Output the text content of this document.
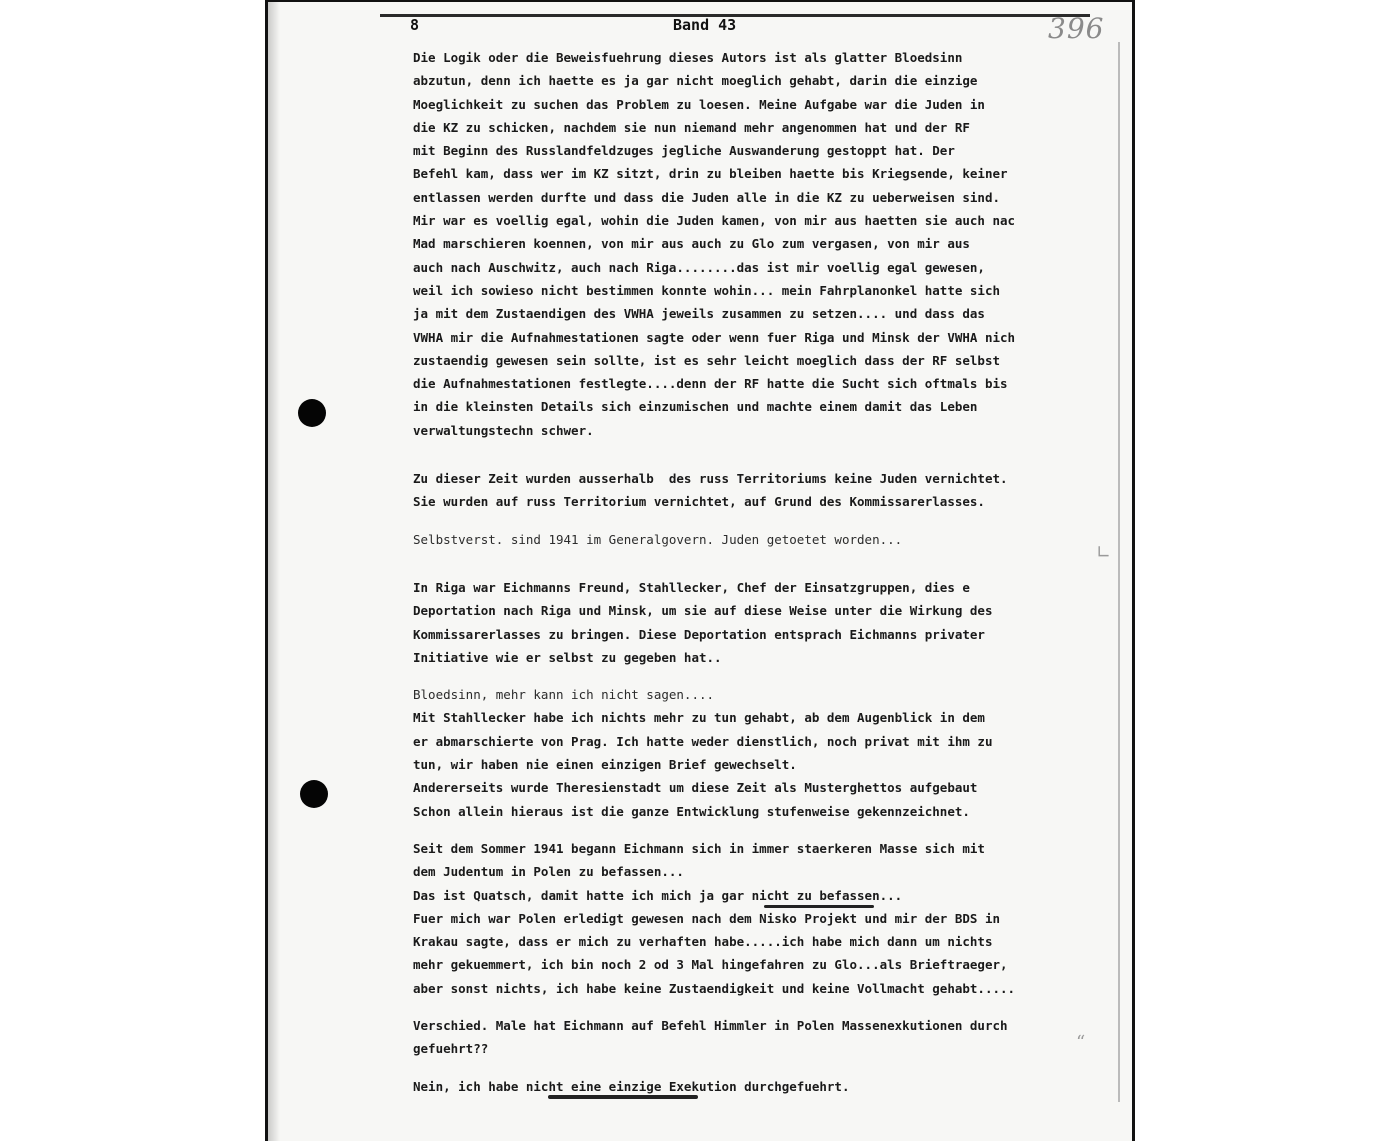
8	Band 43	396
Die Logik oder die Beweisfuehrung dieses Autors ist als glatter Bloedsinn
abzutun, denn ich haette es ja gar nicht moeglich gehabt, darin die einzige
Moeglichkeit zu suchen das Problem zu loesen. Meine Aufgabe war die Juden in
die KZ zu schicken, nachdem sie nun niemand mehr angenommen hat und der RF
mit Beginn des Russlandfeldzuges jegliche Auswanderung gestoppt hat. Der
Befehl kam, dass wer im KZ sitzt, drin zu bleiben haette bis Kriegsende, keiner
entlassen werden durfte und dass die Juden alle in die KZ zu ueberweisen sind.
Mir war es voellig egal, wohin die Juden kamen, von mir aus haetten sie auch nac
Mad marschieren koennen, von mir aus auch zu Glo zum vergasen, von mir aus
auch nach Auschwitz, auch nach Riga........das ist mir voellig egal gewesen,
weil ich sowieso nicht bestimmen konnte wohin... mein Fahrplanonkel hatte sich
ja mit dem Zustaendigen des VWHA jeweils zusammen zu setzen.... und dass das
VWHA mir die Aufnahmestationen sagte oder wenn fuer Riga und Minsk der VWHA nich
zustaendig gewesen sein sollte, ist es sehr leicht moeglich dass der RF selbst
die Aufnahmestationen festlegte....denn der RF hatte die Sucht sich oftmals bis
in die kleinsten Details sich einzumischen und machte einem damit das Leben
verwaltungstechn schwer.
Zu dieser Zeit wurden ausserhalb  des russ Territoriums keine Juden vernichtet.
Sie wurden auf russ Territorium vernichtet, auf Grund des Kommissarerlasses.
Selbstverst. sind 1941 im Generalgovern. Juden getoetet worden...
In Riga war Eichmanns Freund, Stahllecker, Chef der Einsatzgruppen, dies e
Deportation nach Riga und Minsk, um sie auf diese Weise unter die Wirkung des
Kommissarerlasses zu bringen. Diese Deportation entsprach Eichmanns privater
Initiative wie er selbst zu gegeben hat..
Bloedsinn, mehr kann ich nicht sagen....
Mit Stahllecker habe ich nichts mehr zu tun gehabt, ab dem Augenblick in dem
er abmarschierte von Prag. Ich hatte weder dienstlich, noch privat mit ihm zu
tun, wir haben nie einen einzigen Brief gewechselt.
Andererseits wurde Theresienstadt um diese Zeit als Musterghettos aufgebaut
Schon allein hieraus ist die ganze Entwicklung stufenweise gekennzeichnet.
Seit dem Sommer 1941 begann Eichmann sich in immer staerkeren Masse sich mit
dem Judentum in Polen zu befassen...
Das ist Quatsch, damit hatte ich mich ja gar nicht zu befassen...
Fuer mich war Polen erledigt gewesen nach dem Nisko Projekt und mir der BDS in
Krakau sagte, dass er mich zu verhaften habe.....ich habe mich dann um nichts
mehr gekuemmert, ich bin noch 2 od 3 Mal hingefahren zu Glo...als Brieftraeger,
aber sonst nichts, ich habe keine Zustaendigkeit und keine Vollmacht gehabt.....
Verschied. Male hat Eichmann auf Befehl Himmler in Polen Massenexkutionen durch
gefuehrt??
Nein, ich habe nicht eine einzige Exekution durchgefuehrt.
∟
“
